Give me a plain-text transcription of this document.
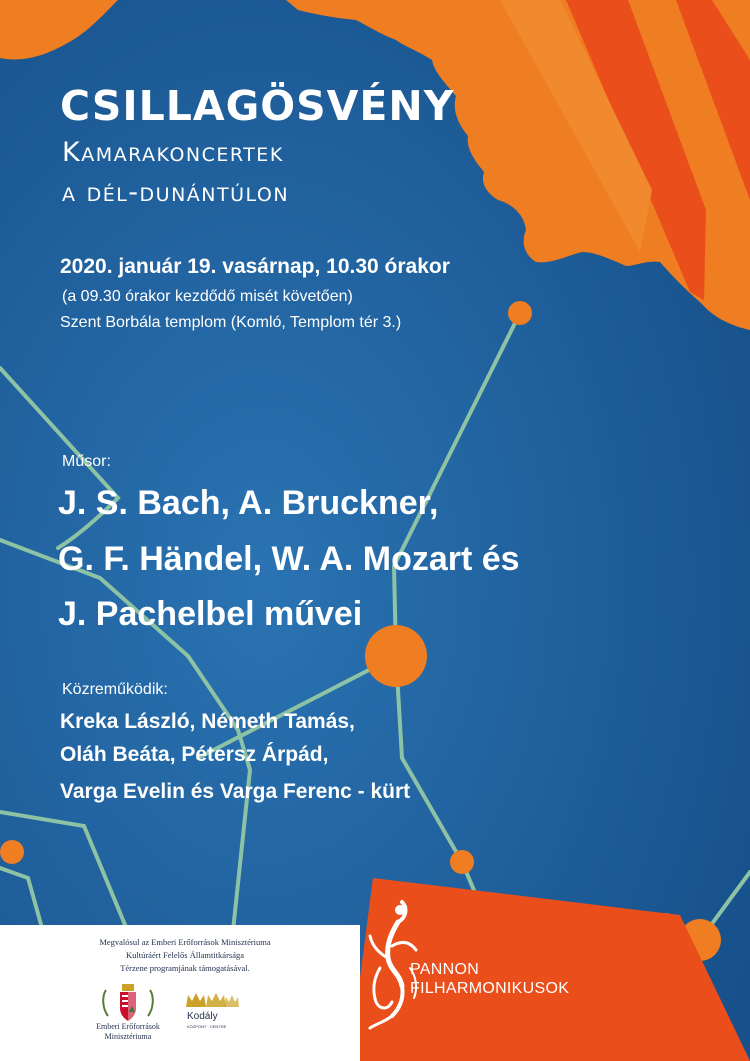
CSILLAGÖSVÉNY
Kamarakoncertek
a dél-dunántúlon
2020. január 19. vasárnap, 10.30 órakor
(a 09.30 órakor kezdődő misét követően)
Szent Borbála templom (Komló, Templom tér 3.)
Műsor:
J. S. Bach, A. Bruckner,
G. F. Händel, W. A. Mozart és
J. Pachelbel művei
Közreműködik:
Kreka László, Németh Tamás,
Oláh Beáta, Pétersz Árpád,
Varga Evelin és Varga Ferenc - kürt
Megvalósul az Emberi Erőforrások Minisztériuma
Kultúráért Felelős Államtitkársága
Térzene programjának támogatásával.
Emberi Erőforrások
Minisztériuma
Kodály
KÖZPONT · CENTRE
PANNON
FILHARMONIKUSOK
